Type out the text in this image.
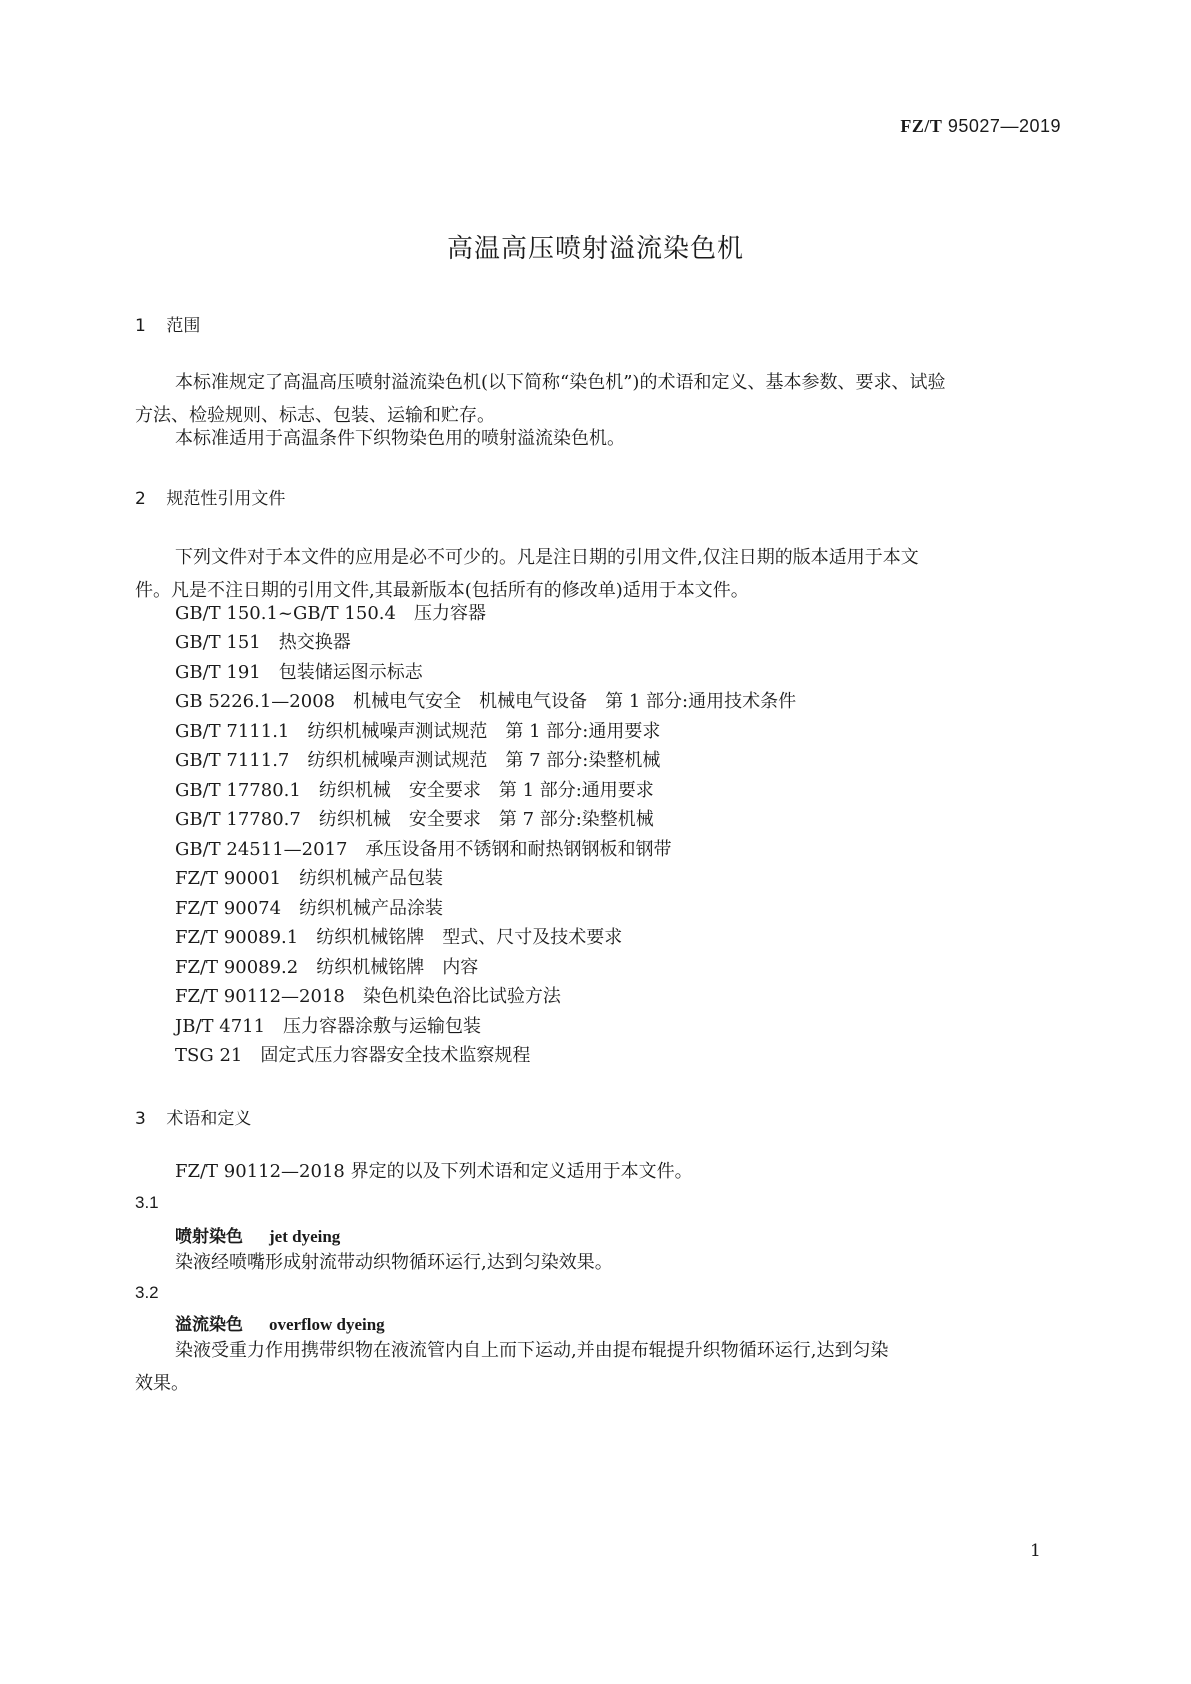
FZ/T 95027—2019
高温高压喷射溢流染色机
1 范围
本标准规定了高温高压喷射溢流染色机(以下简称“染色机”)的术语和定义、基本参数、要求、试验
方法、检验规则、标志、包装、运输和贮存。
本标准适用于高温条件下织物染色用的喷射溢流染色机。
2 规范性引用文件
下列文件对于本文件的应用是必不可少的。凡是注日期的引用文件,仅注日期的版本适用于本文
件。凡是不注日期的引用文件,其最新版本(包括所有的修改单)适用于本文件。
GB/T 150.1~GB/T 150.4 压力容器
GB/T 151 热交换器
GB/T 191 包装储运图示标志
GB 5226.1—2008 机械电气安全　机械电气设备　第 1 部分:通用技术条件
GB/T 7111.1 纺织机械噪声测试规范　第 1 部分:通用要求
GB/T 7111.7 纺织机械噪声测试规范　第 7 部分:染整机械
GB/T 17780.1 纺织机械　安全要求　第 1 部分:通用要求
GB/T 17780.7 纺织机械　安全要求　第 7 部分:染整机械
GB/T 24511—2017 承压设备用不锈钢和耐热钢钢板和钢带
FZ/T 90001 纺织机械产品包装
FZ/T 90074 纺织机械产品涂装
FZ/T 90089.1 纺织机械铭牌　型式、尺寸及技术要求
FZ/T 90089.2 纺织机械铭牌　内容
FZ/T 90112—2018 染色机染色浴比试验方法
JB/T 4711 压力容器涂敷与运输包装
TSG 21 固定式压力容器安全技术监察规程
3 术语和定义
FZ/T 90112—2018 界定的以及下列术语和定义适用于本文件。
3.1
喷射染色 jet dyeing
染液经喷嘴形成射流带动织物循环运行,达到匀染效果。
3.2
溢流染色 overflow dyeing
染液受重力作用携带织物在液流管内自上而下运动,并由提布辊提升织物循环运行,达到匀染
效果。
1
